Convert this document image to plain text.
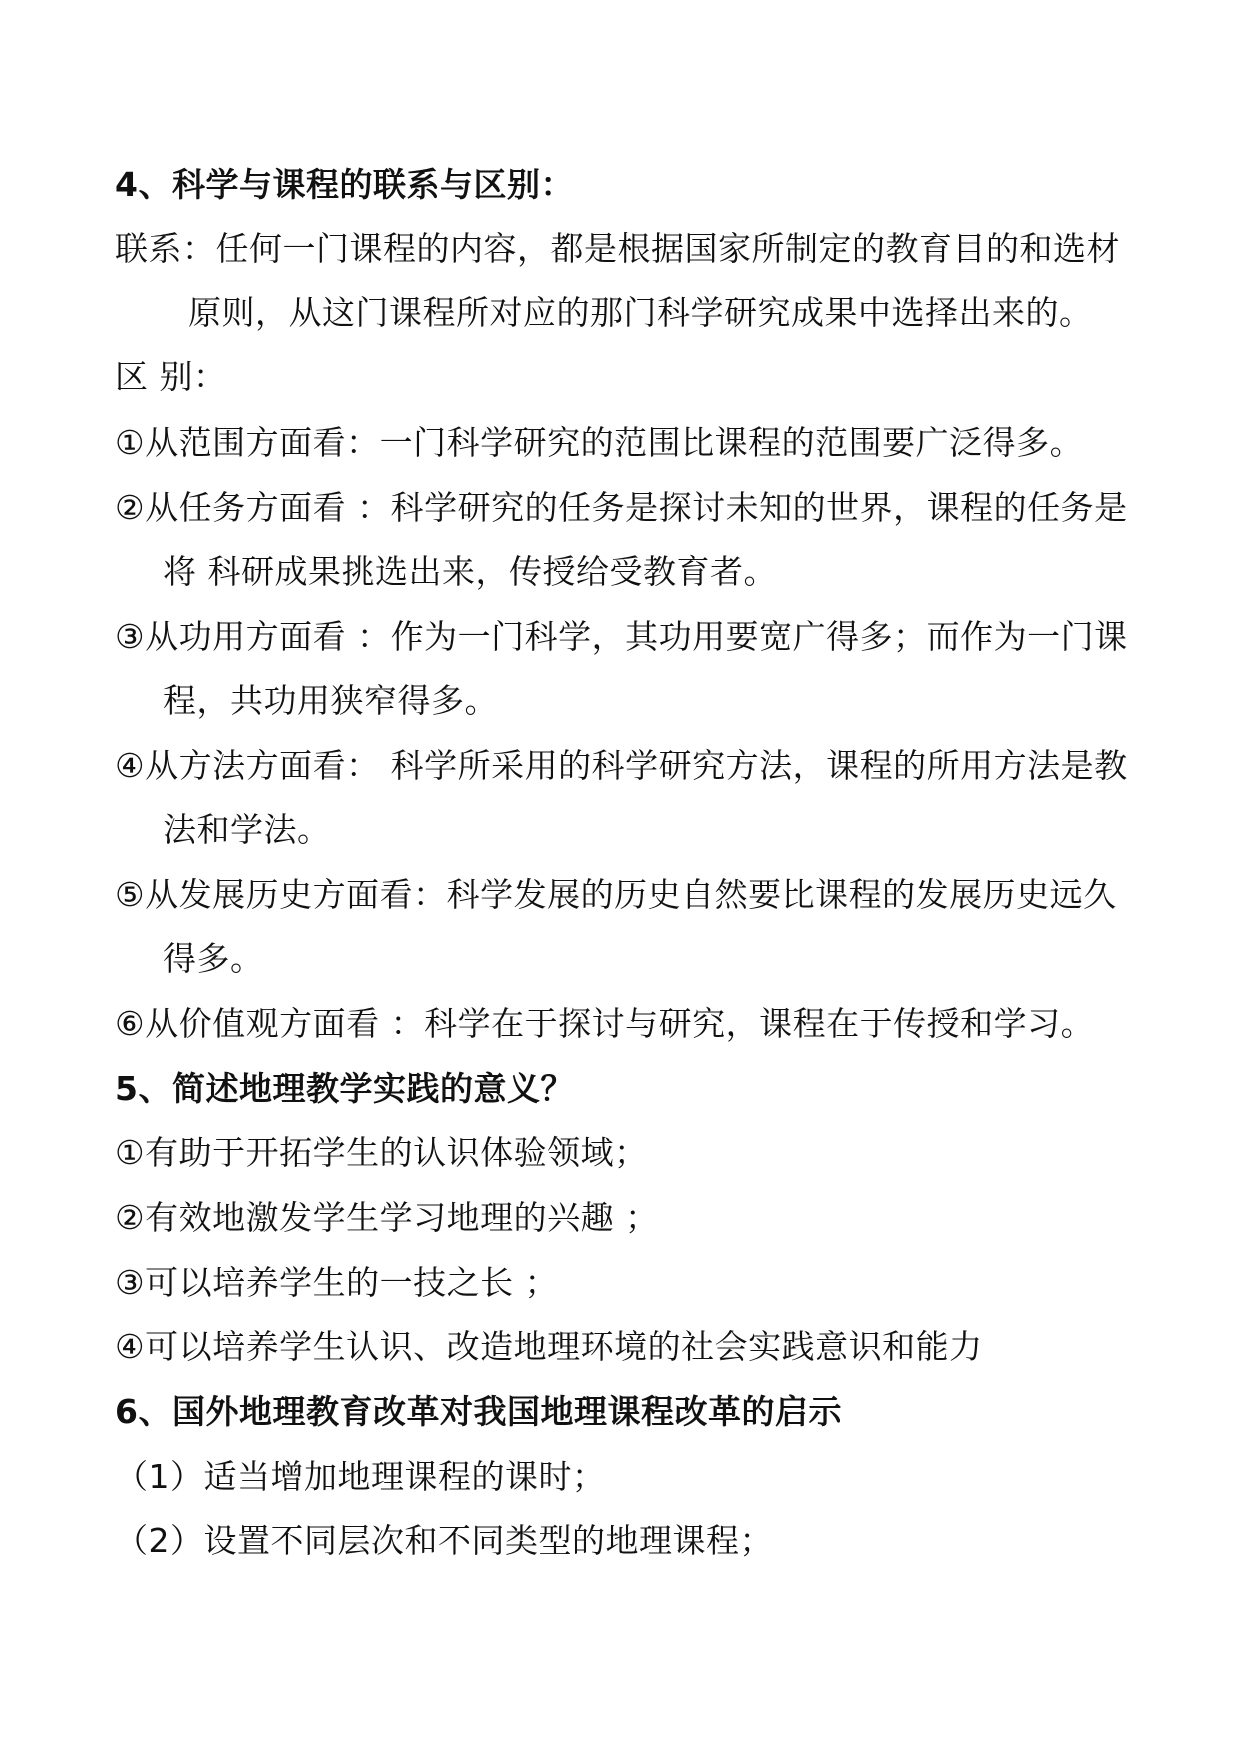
4、科学与课程的联系与区别：
联系：任何一门课程的内容，都是根据国家所制定的教育目的和选材
原则，从这门课程所对应的那门科学研究成果中选择出来的。
区 别：
①从范围方面看：一门科学研究的范围比课程的范围要广泛得多。
②从任务方面看 ：科学研究的任务是探讨未知的世界，课程的任务是
将 科研成果挑选出来，传授给受教育者。
③从功用方面看 ：作为一门科学，其功用要宽广得多；而作为一门课
程，共功用狭窄得多。
④从方法方面看： 科学所采用的科学研究方法，课程的所用方法是教
法和学法。
⑤从发展历史方面看：科学发展的历史自然要比课程的发展历史远久
得多。
⑥从价值观方面看 ：科学在于探讨与研究，课程在于传授和学习。
5、简述地理教学实践的意义？
①有助于开拓学生的认识体验领域；
②有效地激发学生学习地理的兴趣 ；
③可以培养学生的一技之长 ；
④可以培养学生认识、改造地理环境的社会实践意识和能力
6、国外地理教育改革对我国地理课程改革的启示
（1）适当增加地理课程的课时；
（2）设置不同层次和不同类型的地理课程；
